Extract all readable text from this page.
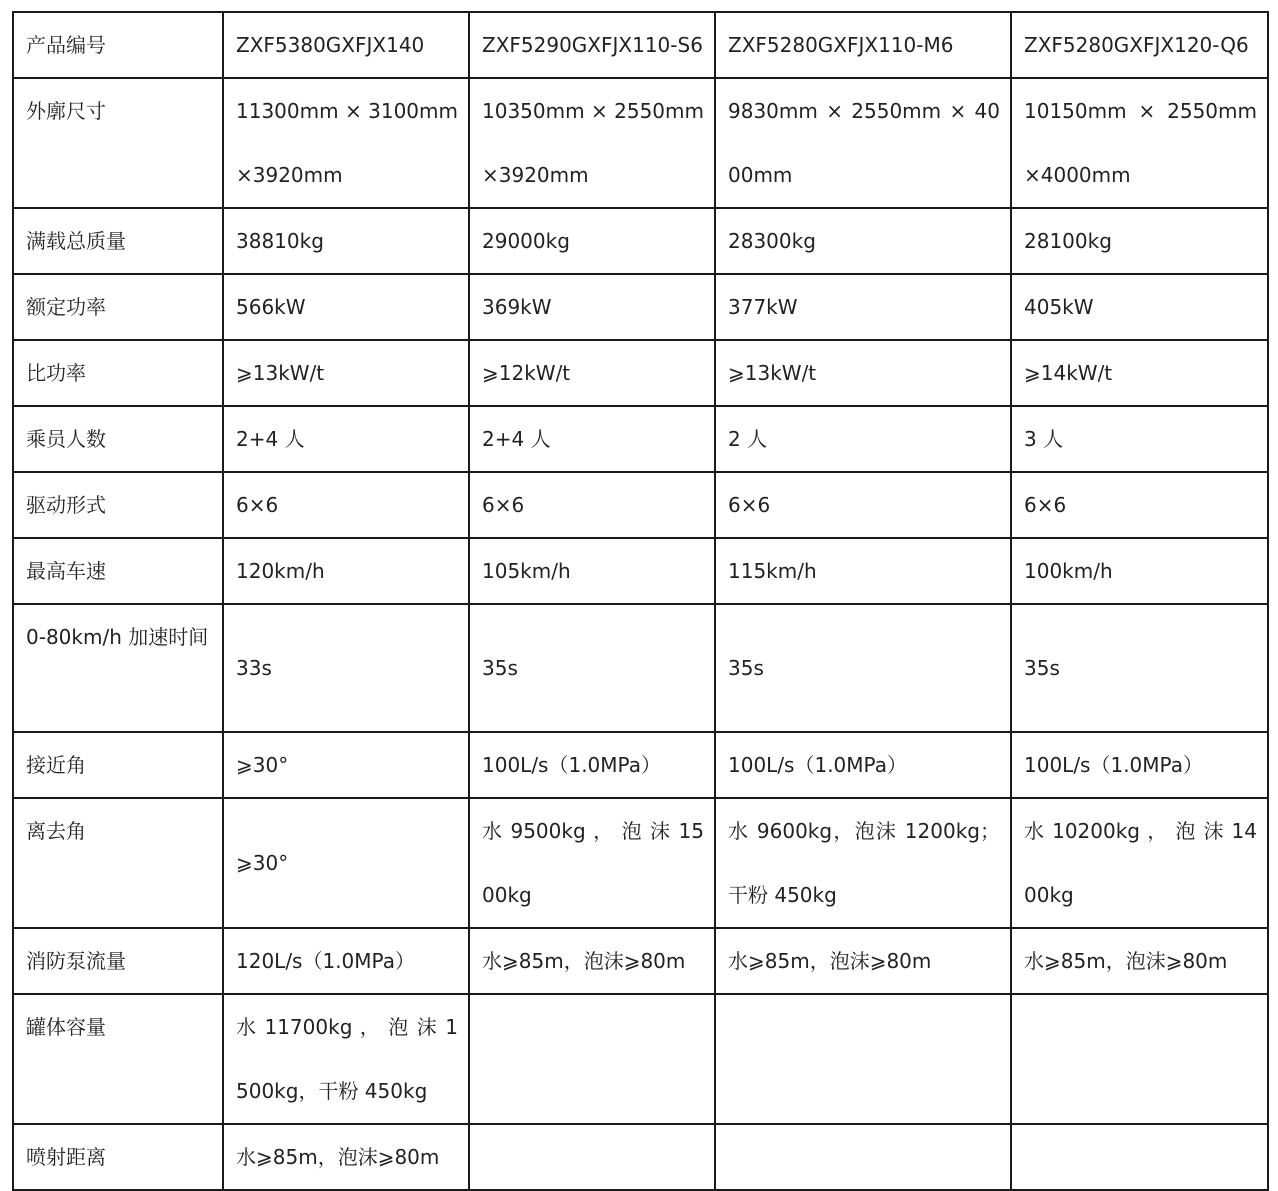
产品编号	ZXF5380GXFJX140	ZXF5290GXFJX110-S6	ZXF5280GXFJX110-M6	ZXF5280GXFJX120-Q6
外廓尺寸	11300mm × 3100mm ×3920mm	10350mm × 2550mm ×3920mm	9830mm × 2550mm × 4000mm	10150mm × 2550mm ×4000mm
满载总质量	38810kg	29000kg	28300kg	28100kg
额定功率	566kW	369kW	377kW	405kW
比功率	⩾13kW/t	⩾12kW/t	⩾13kW/t	⩾14kW/t
乘员人数	2+4 人	2+4 人	2 人	3 人
驱动形式	6×6	6×6	6×6	6×6
最高车速	120km/h	105km/h	115km/h	100km/h
0-80km/h 加速时间	33s	35s	35s	35s
接近角	⩾30°	100L/s（1.0MPa）	100L/s（1.0MPa）	100L/s（1.0MPa）
离去角	⩾30°	水 9500kg ， 泡 沫 1500kg	水 9600kg，泡沫 1200kg；干粉 450kg	水 10200kg ， 泡 沫 1400kg
消防泵流量	120L/s（1.0MPa）	水⩾85m，泡沫⩾80m	水⩾85m，泡沫⩾80m	水⩾85m，泡沫⩾80m
罐体容量	水 11700kg ， 泡 沫 1500kg，干粉 450kg			
喷射距离	水⩾85m，泡沫⩾80m			
